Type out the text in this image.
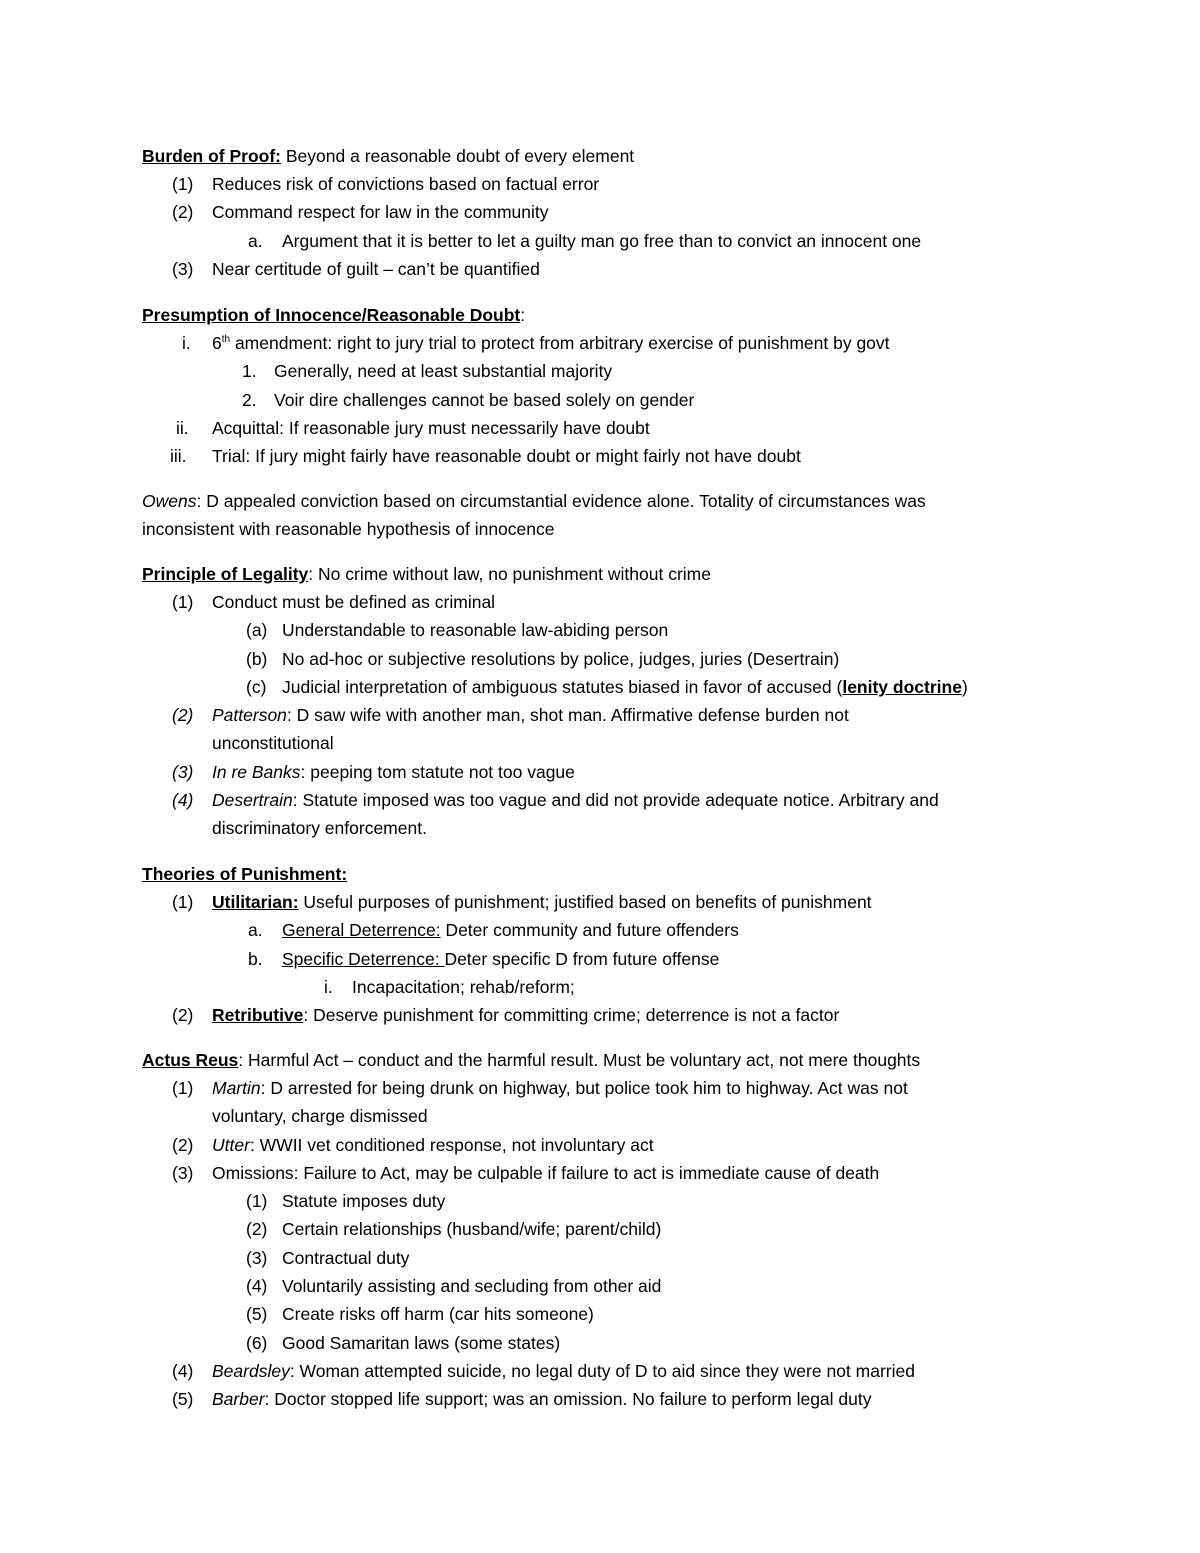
Burden of Proof: Beyond a reasonable doubt of every element
(1) Reduces risk of convictions based on factual error
(2) Command respect for law in the community
a. Argument that it is better to let a guilty man go free than to convict an innocent one
(3) Near certitude of guilt – can’t be quantified
Presumption of Innocence/Reasonable Doubt:
i. 6th amendment: right to jury trial to protect from arbitrary exercise of punishment by govt
1. Generally, need at least substantial majority
2. Voir dire challenges cannot be based solely on gender
ii. Acquittal: If reasonable jury must necessarily have doubt
iii. Trial: If jury might fairly have reasonable doubt or might fairly not have doubt
Owens: D appealed conviction based on circumstantial evidence alone. Totality of circumstances was
inconsistent with reasonable hypothesis of innocence
Principle of Legality: No crime without law, no punishment without crime
(1) Conduct must be defined as criminal
(a) Understandable to reasonable law-abiding person
(b) No ad-hoc or subjective resolutions by police, judges, juries (Desertrain)
(c) Judicial interpretation of ambiguous statutes biased in favor of accused (lenity doctrine)
(2) Patterson: D saw wife with another man, shot man. Affirmative defense burden not
unconstitutional
(3) In re Banks: peeping tom statute not too vague
(4) Desertrain: Statute imposed was too vague and did not provide adequate notice. Arbitrary and
discriminatory enforcement.
Theories of Punishment:
(1) Utilitarian: Useful purposes of punishment; justified based on benefits of punishment
a. General Deterrence: Deter community and future offenders
b. Specific Deterrence: Deter specific D from future offense
i. Incapacitation; rehab/reform;
(2) Retributive: Deserve punishment for committing crime; deterrence is not a factor
Actus Reus: Harmful Act – conduct and the harmful result. Must be voluntary act, not mere thoughts
(1) Martin: D arrested for being drunk on highway, but police took him to highway. Act was not
voluntary, charge dismissed
(2) Utter: WWII vet conditioned response, not involuntary act
(3) Omissions: Failure to Act, may be culpable if failure to act is immediate cause of death
(1) Statute imposes duty
(2) Certain relationships (husband/wife; parent/child)
(3) Contractual duty
(4) Voluntarily assisting and secluding from other aid
(5) Create risks off harm (car hits someone)
(6) Good Samaritan laws (some states)
(4) Beardsley: Woman attempted suicide, no legal duty of D to aid since they were not married
(5) Barber: Doctor stopped life support; was an omission. No failure to perform legal duty
